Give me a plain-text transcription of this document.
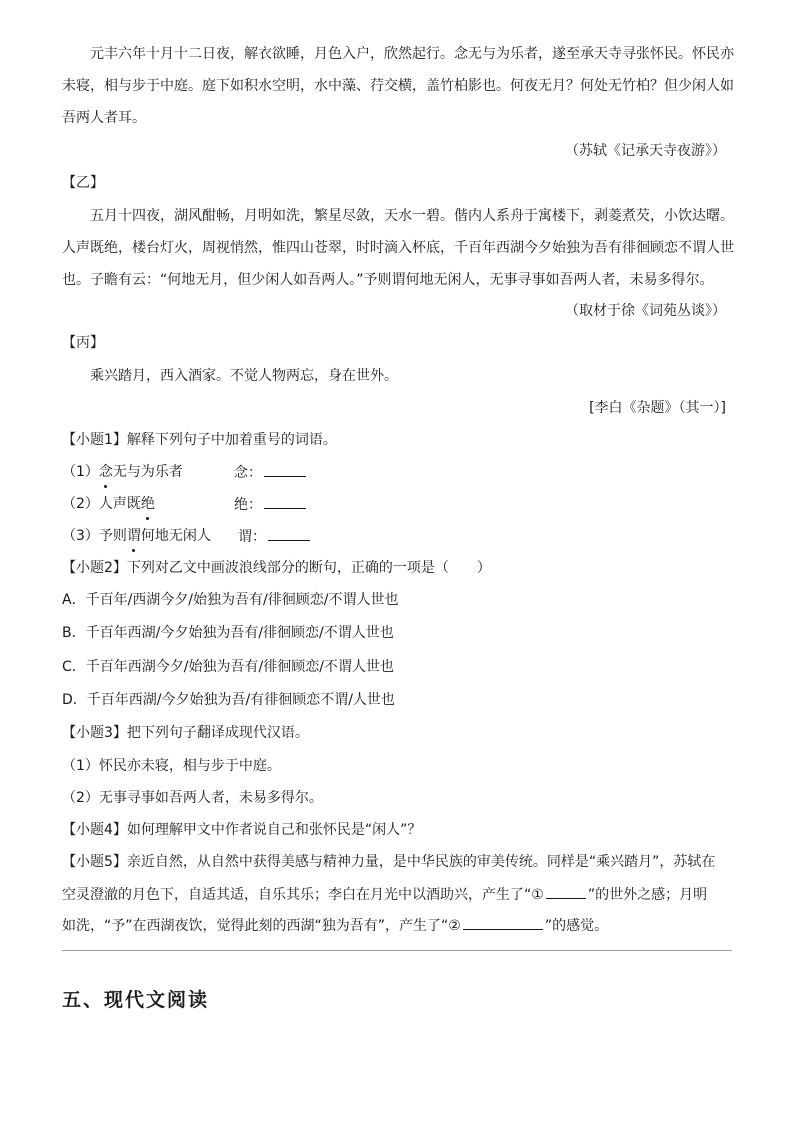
元丰六年十月十二日夜，解衣欲睡，月色入户，欣然起行。念无与为乐者，遂至承天寺寻张怀民。怀民亦
未寝，相与步于中庭。庭下如积水空明，水中藻、荇交横，盖竹柏影也。何夜无月？何处无竹柏？但少闲人如
吾两人者耳。
（苏轼《记承天寺夜游》）
【乙】
五月十四夜，湖风酣畅，月明如洗，繁星尽敛，天水一碧。偕内人系舟于寓楼下，剥菱煮芡，小饮达曙。
人声既绝，楼台灯火，周视悄然，惟四山苍翠，时时滴入杯底，千百年西湖今夕始独为吾有徘徊顾恋不谓人世
也。子瞻有云：“何地无月，但少闲人如吾两人。”予则谓何地无闲人，无事寻事如吾两人者，未易多得尔。
（取材于徐《词苑丛谈》）
【丙】
乘兴踏月，西入酒家。不觉人物两忘，身在世外。
[李白《杂题》（其一）]
【小题1】解释下列句子中加着重号的词语。
（1）念无与为乐者	念：
（2）人声既绝	绝：
（3）予则谓何地无闲人 谓：
【小题2】下列对乙文中画波浪线部分的断句，正确的一项是（　　）
A．千百年/西湖今夕/始独为吾有/徘徊顾恋/不谓人世也
B．千百年西湖/今夕始独为吾有/徘徊顾恋/不谓人世也
C．千百年西湖今夕/始独为吾有/徘徊顾恋/不谓人世也
D．千百年西湖/今夕始独为吾/有徘徊顾恋不谓/人世也
【小题3】把下列句子翻译成现代汉语。
（1）怀民亦未寝，相与步于中庭。
（2）无事寻事如吾两人者，未易多得尔。
【小题4】如何理解甲文中作者说自己和张怀民是“闲人”？
【小题5】亲近自然，从自然中获得美感与精神力量，是中华民族的审美传统。同样是“乘兴踏月”，苏轼在
空灵澄澈的月色下，自适其适，自乐其乐；李白在月光中以酒助兴，产生了“①	”的世外之感；月明
如洗，“予”在西湖夜饮，觉得此刻的西湖“独为吾有”，产生了“②	”的感觉。
五、现代文阅读
